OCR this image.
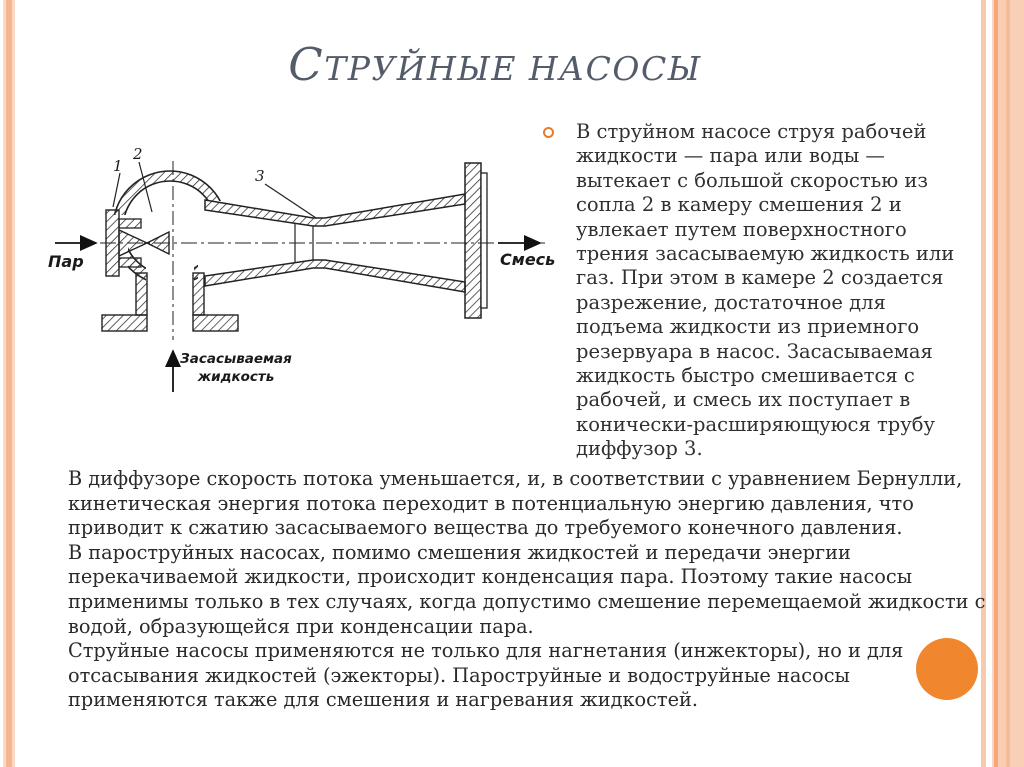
СТРУЙНЫЕ НАСОСЫ
1
2
3
Пар	Смесь
Засасываемая
жидкость
В струйном насосе струя рабочей жидкости — пара или воды — вытекает с большой скоростью из сопла 2 в камеру смешения 2 и увлекает путем поверхностного трения засасываемую жидкость или газ. При этом в камере 2 создается разрежение, достаточное для подъема жидкости из приемного резервуара в насос. Засасываемая жидкость быстро смешивается с рабочей, и смесь их поступает в конически-расширяющуюся трубу диффузор 3.

В диффузоре скорость потока уменьшается, и, в соответствии с уравнением Бернулли, кинетическая энергия потока переходит в потенциальную энергию давления, что приводит к сжатию засасываемого вещества до требуемого конечного давления.

В пароструйных насосах, помимо смешения жидкостей и передачи энергии перекачиваемой жидкости, происходит конденсация пара. Поэтому такие насосы применимы только в тех случаях, когда допустимо смешение перемещаемой жидкости с водой, образующейся при конденсации пара.

Струйные насосы применяются не только для нагнетания (инжекторы), но и для отсасывания жидкостей (эжекторы). Пароструйные и водоструйные насосы применяются также для смешения и нагревания жидкостей.
